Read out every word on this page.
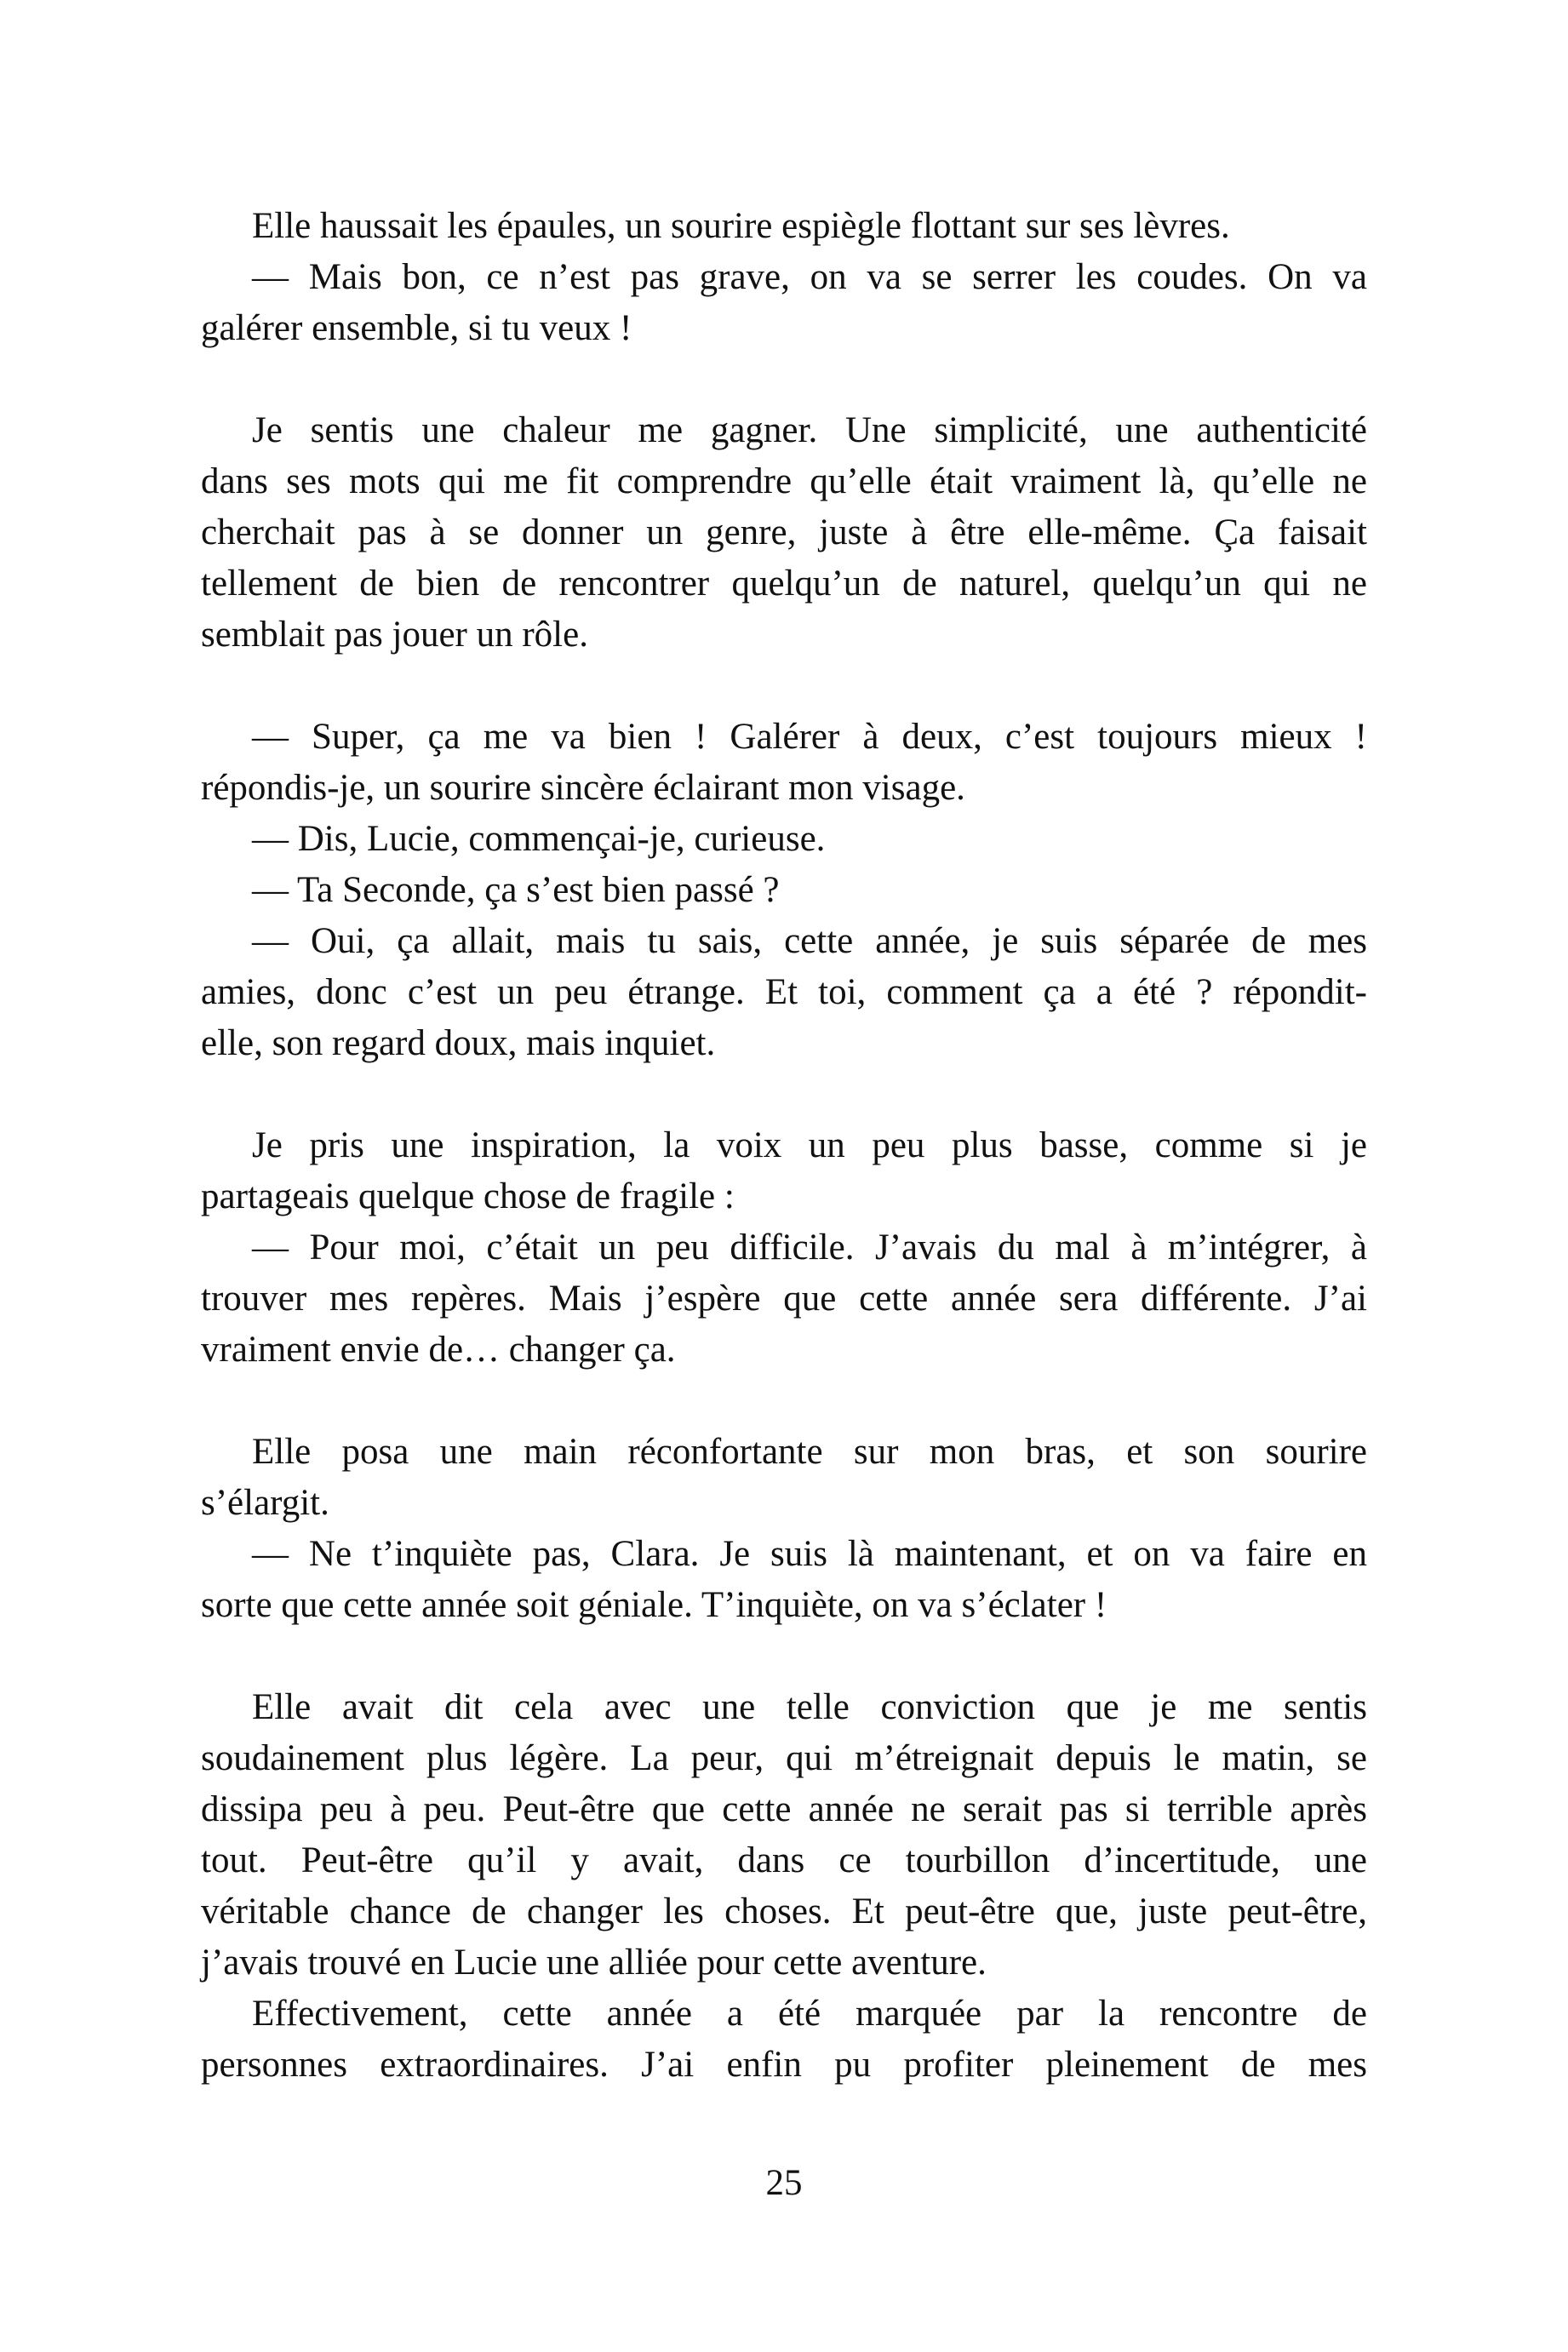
Elle haussait les épaules, un sourire espiègle flottant sur ses lèvres.
— Mais bon, ce n’est pas grave, on va se serrer les coudes. On va
galérer ensemble, si tu veux !
Je sentis une chaleur me gagner. Une simplicité, une authenticité
dans ses mots qui me fit comprendre qu’elle était vraiment là, qu’elle ne
cherchait pas à se donner un genre, juste à être elle-même. Ça faisait
tellement de bien de rencontrer quelqu’un de naturel, quelqu’un qui ne
semblait pas jouer un rôle.
— Super, ça me va bien ! Galérer à deux, c’est toujours mieux !
répondis-je, un sourire sincère éclairant mon visage.
— Dis, Lucie, commençai-je, curieuse.
— Ta Seconde, ça s’est bien passé ?
— Oui, ça allait, mais tu sais, cette année, je suis séparée de mes
amies, donc c’est un peu étrange. Et toi, comment ça a été ? répondit-
elle, son regard doux, mais inquiet.
Je pris une inspiration, la voix un peu plus basse, comme si je
partageais quelque chose de fragile :
— Pour moi, c’était un peu difficile. J’avais du mal à m’intégrer, à
trouver mes repères. Mais j’espère que cette année sera différente. J’ai
vraiment envie de… changer ça.
Elle posa une main réconfortante sur mon bras, et son sourire
s’élargit.
— Ne t’inquiète pas, Clara. Je suis là maintenant, et on va faire en
sorte que cette année soit géniale. T’inquiète, on va s’éclater !
Elle avait dit cela avec une telle conviction que je me sentis
soudainement plus légère. La peur, qui m’étreignait depuis le matin, se
dissipa peu à peu. Peut-être que cette année ne serait pas si terrible après
tout. Peut-être qu’il y avait, dans ce tourbillon d’incertitude, une
véritable chance de changer les choses. Et peut-être que, juste peut-être,
j’avais trouvé en Lucie une alliée pour cette aventure.
Effectivement, cette année a été marquée par la rencontre de
personnes extraordinaires. J’ai enfin pu profiter pleinement de mes
25
